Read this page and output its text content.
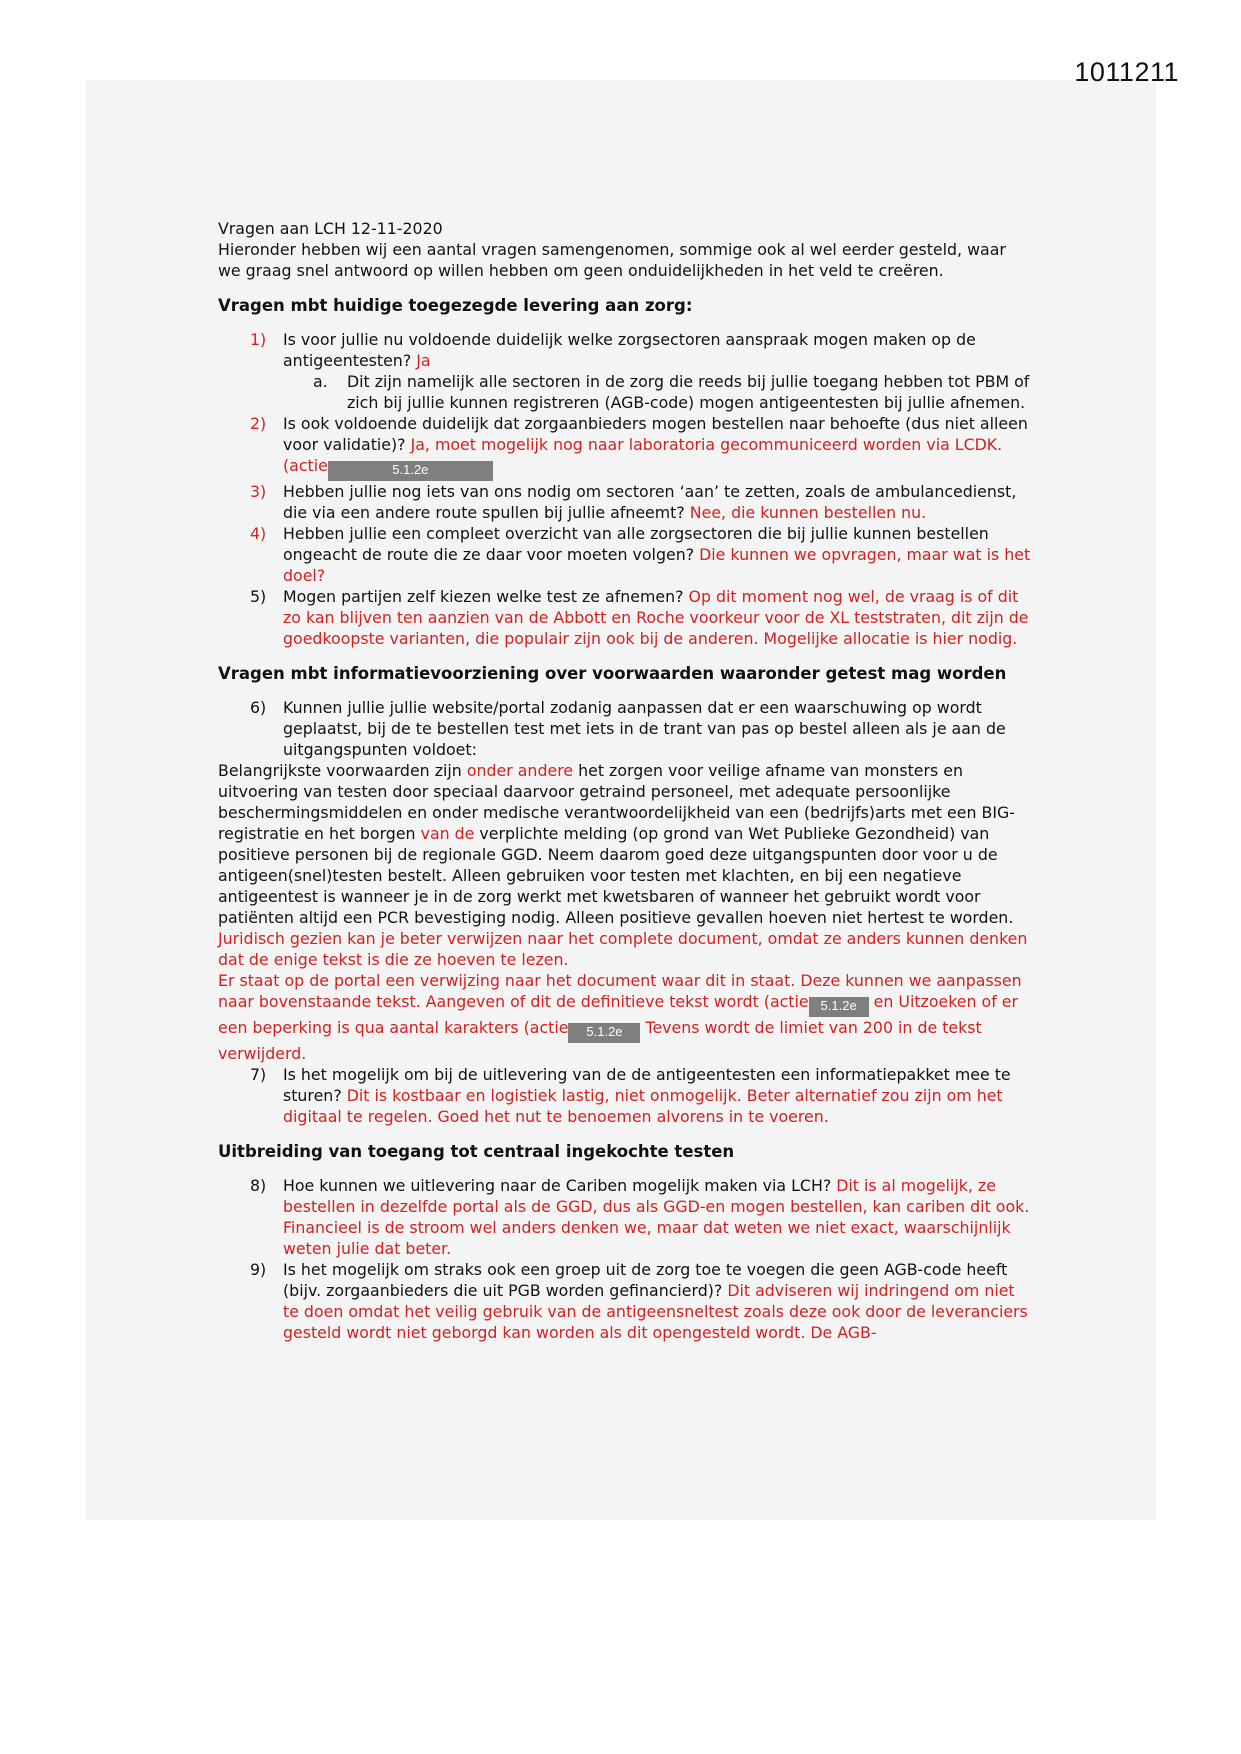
1011211

Vragen aan LCH 12-11-2020

Hieronder hebben wij een aantal vragen samengenomen, sommige ook al wel eerder gesteld, waar we graag snel antwoord op willen hebben om geen onduidelijkheden in het veld te creëren.

Vragen mbt huidige toegezegde levering aan zorg:
1)	Is voor jullie nu voldoende duidelijk welke zorgsectoren aanspraak mogen maken op de antigeentesten? Ja
a. Dit zijn namelijk alle sectoren in de zorg die reeds bij jullie toegang hebben tot PBM of zich bij jullie kunnen registreren (AGB-code) mogen antigeentesten bij jullie afnemen.
2)	Is ook voldoende duidelijk dat zorgaanbieders mogen bestellen naar behoefte (dus niet alleen voor validatie)? Ja, moet mogelijk nog naar laboratoria gecommuniceerd worden via LCDK. (actie	5.1.2e
3)	Hebben jullie nog iets van ons nodig om sectoren ‘aan’ te zetten, zoals de ambulancedienst, die via een andere route spullen bij jullie afneemt? Nee, die kunnen bestellen nu.
4)	Hebben jullie een compleet overzicht van alle zorgsectoren die bij jullie kunnen bestellen ongeacht de route die ze daar voor moeten volgen? Die kunnen we opvragen, maar wat is het doel?
5)	Mogen partijen zelf kiezen welke test ze afnemen? Op dit moment nog wel, de vraag is of dit zo kan blijven ten aanzien van de Abbott en Roche voorkeur voor de XL teststraten, dit zijn de goedkoopste varianten, die populair zijn ook bij de anderen. Mogelijke allocatie is hier nodig.
Vragen mbt informatievoorziening over voorwaarden waaronder getest mag worden
6)	Kunnen jullie jullie website/portal zodanig aanpassen dat er een waarschuwing op wordt geplaatst, bij de te bestellen test met iets in de trant van pas op bestel alleen als je aan de uitgangspunten voldoet:

Belangrijkste voorwaarden zijn onder andere het zorgen voor veilige afname van monsters en uitvoering van testen door speciaal daarvoor getraind personeel, met adequate persoonlijke beschermingsmiddelen en onder medische verantwoordelijkheid van een (bedrijfs)arts met een BIG-registratie en het borgen van de verplichte melding (op grond van Wet Publieke Gezondheid) van positieve personen bij de regionale GGD. Neem daarom goed deze uitgangspunten door voor u de antigeen(snel)testen bestelt. Alleen gebruiken voor testen met klachten, en bij een negatieve antigeentest is wanneer je in de zorg werkt met kwetsbaren of wanneer het gebruikt wordt voor patiënten altijd een PCR bevestiging nodig. Alleen positieve gevallen hoeven niet hertest te worden. Juridisch gezien kan je beter verwijzen naar het complete document, omdat ze anders kunnen denken dat de enige tekst is die ze hoeven te lezen.

Er staat op de portal een verwijzing naar het document waar dit in staat. Deze kunnen we aanpassen naar bovenstaande tekst. Aangeven of dit de definitieve tekst wordt (actie 5.1.2e en Uitzoeken of er een beperking is qua aantal karakters (actie 5.1.2e Tevens wordt de limiet van 200 in de tekst verwijderd.

7)	Is het mogelijk om bij de uitlevering van de de antigeentesten een informatiepakket mee te sturen? Dit is kostbaar en logistiek lastig, niet onmogelijk. Beter alternatief zou zijn om het digitaal te regelen. Goed het nut te benoemen alvorens in te voeren.
Uitbreiding van toegang tot centraal ingekochte testen
8)	Hoe kunnen we uitlevering naar de Cariben mogelijk maken via LCH? Dit is al mogelijk, ze bestellen in dezelfde portal als de GGD, dus als GGD-en mogen bestellen, kan cariben dit ook. Financieel is de stroom wel anders denken we, maar dat weten we niet exact, waarschijnlijk weten julie dat beter.
9)	Is het mogelijk om straks ook een groep uit de zorg toe te voegen die geen AGB-code heeft (bijv. zorgaanbieders die uit PGB worden gefinancierd)? Dit adviseren wij indringend om niet te doen omdat het veilig gebruik van de antigeensneltest zoals deze ook door de leveranciers gesteld wordt niet geborgd kan worden als dit opengesteld wordt. De AGB-
